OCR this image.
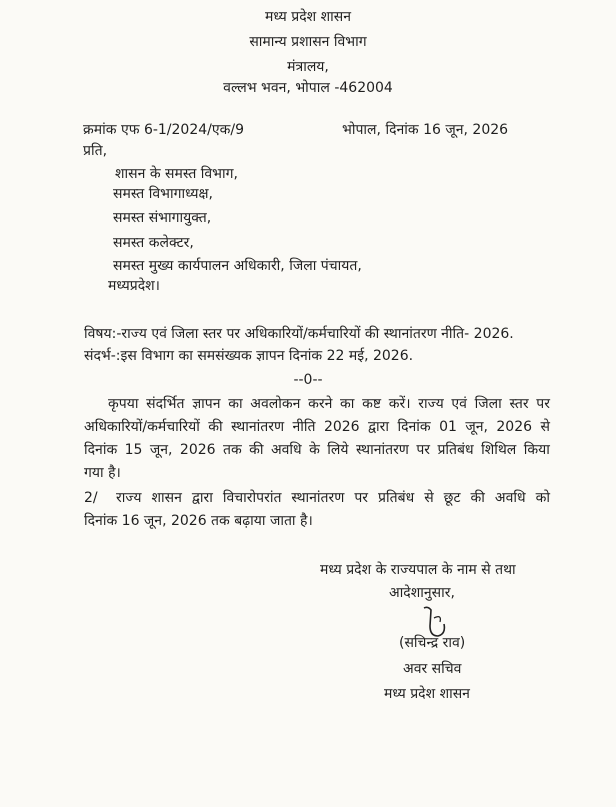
मध्य प्रदेश शासन
सामान्य प्रशासन विभाग
मंत्रालय,
वल्लभ भवन, भोपाल -462004
क्रमांक एफ 6-1/2024/एक/9	भोपाल, दिनांक 16 जून, 2026
प्रति,
शासन के समस्त विभाग,
समस्त विभागाध्यक्ष,
समस्त संभागायुक्त,
समस्त कलेक्टर,
समस्त मुख्य कार्यपालन अधिकारी, जिला पंचायत,
मध्यप्रदेश।
विषय:-राज्य एवं जिला स्तर पर अधिकारियों/कर्मचारियों की स्थानांतरण नीति- 2026.
संदर्भ-:इस विभाग का समसंख्यक ज्ञापन दिनांक 22 मई, 2026.
--0--
कृपया संदर्भित ज्ञापन का अवलोकन करने का कष्ट करें। राज्य एवं जिला स्तर पर
अधिकारियों/कर्मचारियों की स्थानांतरण नीति 2026 द्वारा दिनांक 01 जून, 2026 से
दिनांक 15 जून, 2026 तक की अवधि के लिये स्थानांतरण पर प्रतिबंध शिथिल किया
गया है।
2/ राज्य शासन द्वारा विचारोपरांत स्थानांतरण पर प्रतिबंध से छूट की अवधि को
दिनांक 16 जून, 2026 तक बढ़ाया जाता है।
मध्य प्रदेश के राज्यपाल के नाम से तथा
आदेशानुसार,
(सचिन्द्र राव)
अवर सचिव
मध्य प्रदेश शासन
